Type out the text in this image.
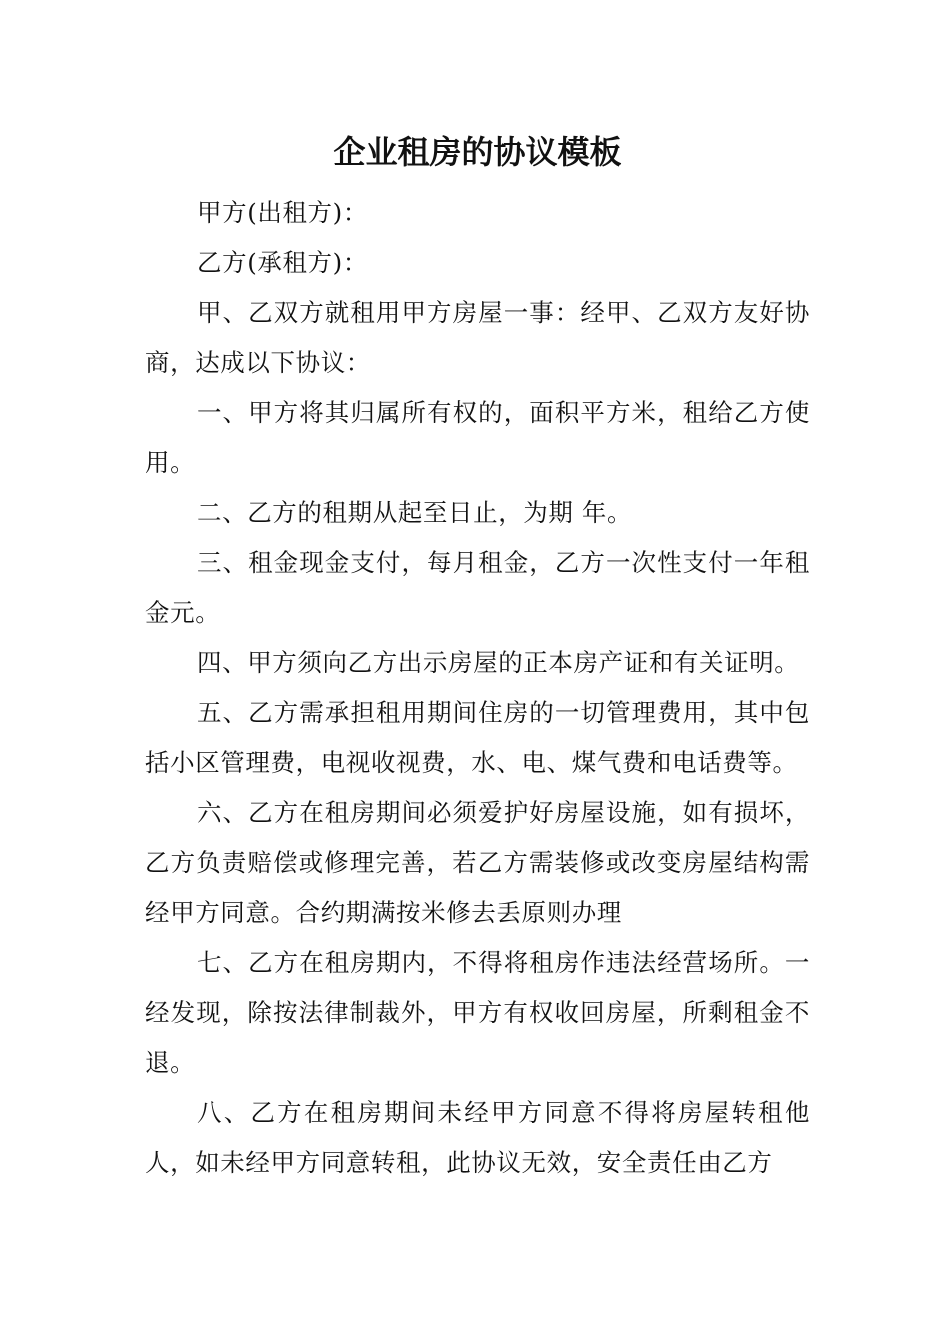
企业租房的协议模板

甲方(出租方)：

乙方(承租方)：

甲、乙双方就租用甲方房屋一事：经甲、乙双方友好协商，达成以下协议：

一、甲方将其归属所有权的，面积平方米，租给乙方使用。

二、乙方的租期从起至日止，为期 年。

三、租金现金支付，每月租金，乙方一次性支付一年租金元。

四、甲方须向乙方出示房屋的正本房产证和有关证明。

五、乙方需承担租用期间住房的一切管理费用，其中包括小区管理费，电视收视费，水、电、煤气费和电话费等。

六、乙方在租房期间必须爱护好房屋设施，如有损坏，乙方负责赔偿或修理完善，若乙方需装修或改变房屋结构需经甲方同意。合约期满按米修去丢原则办理

七、乙方在租房期内，不得将租房作违法经营场所。一经发现，除按法律制裁外，甲方有权收回房屋，所剩租金不退。

八、乙方在租房期间未经甲方同意不得将房屋转租他人，如未经甲方同意转租，此协议无效，安全责任由乙方
